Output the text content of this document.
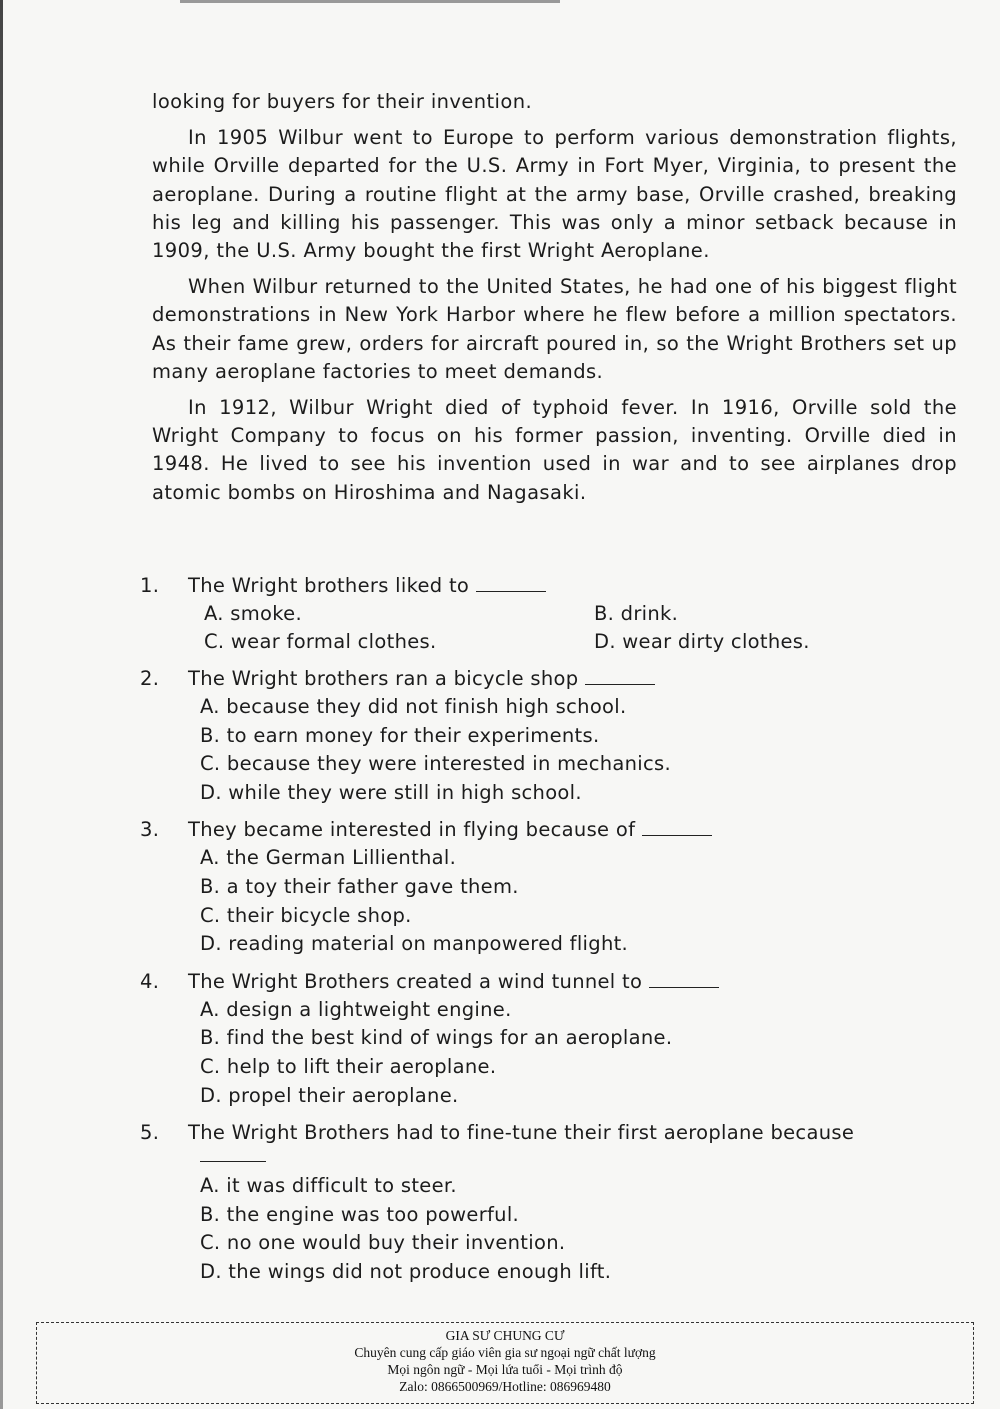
looking for buyers for their invention.

In 1905 Wilbur went to Europe to perform various demonstration flights, while Orville departed for the U.S. Army in Fort Myer, Virginia, to present the aeroplane. During a routine flight at the army base, Orville crashed, breaking his leg and killing his passenger. This was only a minor setback because in 1909, the U.S. Army bought the first Wright Aeroplane.

When Wilbur returned to the United States, he had one of his biggest flight demonstrations in New York Harbor where he flew before a million spectators. As their fame grew, orders for aircraft poured in, so the Wright Brothers set up many aeroplane factories to meet demands.

In 1912, Wilbur Wright died of typhoid fever. In 1916, Orville sold the Wright Company to focus on his former passion, inventing. Orville died in 1948. He lived to see his invention used in war and to see airplanes drop atomic bombs on Hiroshima and Nagasaki.

1. The Wright brothers liked to
A. smoke.	B. drink.
C. wear formal clothes.	D. wear dirty clothes.
2. The Wright brothers ran a bicycle shop
A. because they did not finish high school.
B. to earn money for their experiments.
C. because they were interested in mechanics.
D. while they were still in high school.
3. They became interested in flying because of
A. the German Lillienthal.
B. a toy their father gave them.
C. their bicycle shop.
D. reading material on manpowered flight.
4. The Wright Brothers created a wind tunnel to
A. design a lightweight engine.
B. find the best kind of wings for an aeroplane.
C. help to lift their aeroplane.
D. propel their aeroplane.
5. The Wright Brothers had to fine-tune their first aeroplane because
A. it was difficult to steer.
B. the engine was too powerful.
C. no one would buy their invention.
D. the wings did not produce enough lift.
GIA SƯ CHUNG CƯ
Chuyên cung cấp giáo viên gia sư ngoại ngữ chất lượng
Mọi ngôn ngữ - Mọi lứa tuổi - Mọi trình độ
Zalo: 0866500969/Hotline: 086969480
